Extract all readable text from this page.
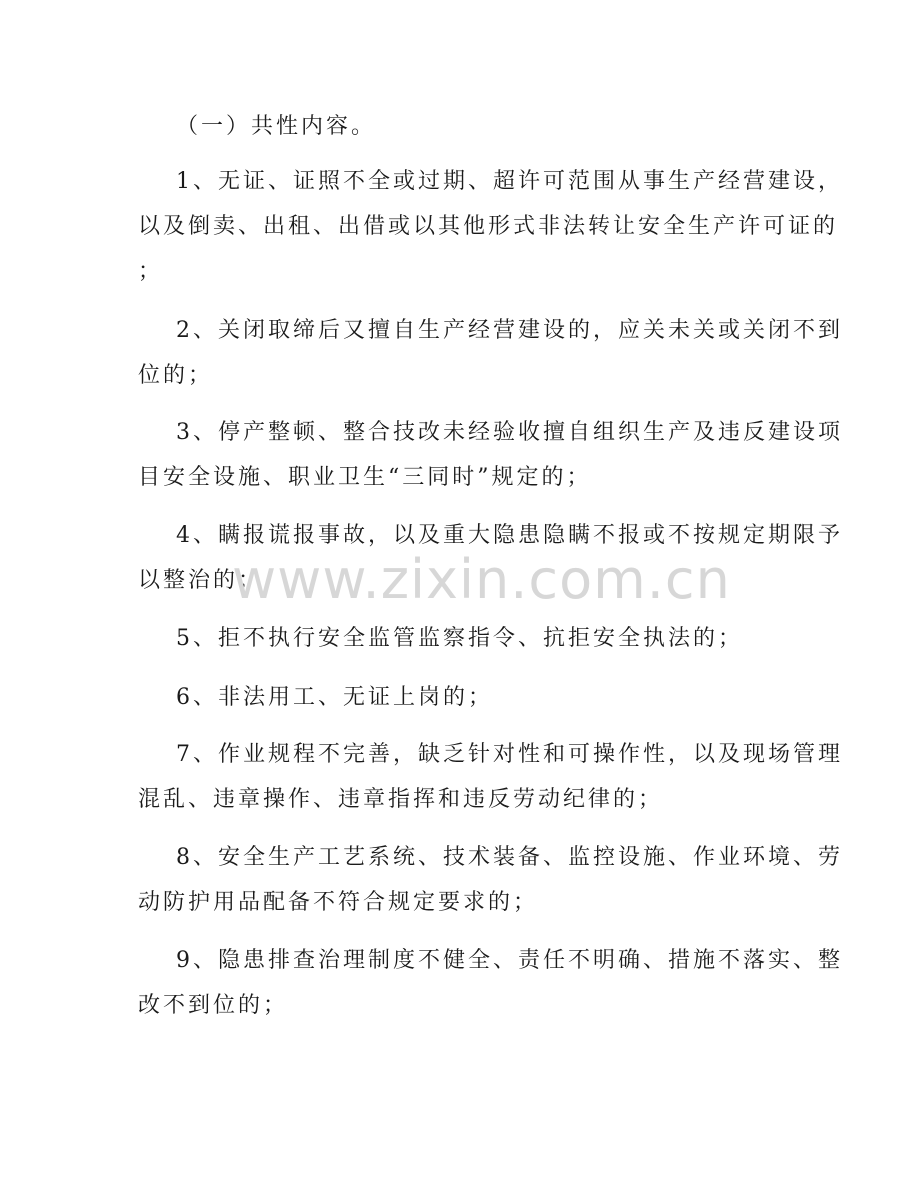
（一）共性内容。
1、无证、证照不全或过期、超许可范围从事生产经营建设，
以及倒卖、出租、出借或以其他形式非法转让安全生产许可证的
；
2、关闭取缔后又擅自生产经营建设的，应关未关或关闭不到
位的；
3、停产整顿、整合技改未经验收擅自组织生产及违反建设项
目安全设施、职业卫生“三同时”规定的；
4、瞒报谎报事故，以及重大隐患隐瞒不报或不按规定期限予
以整治的；
5、拒不执行安全监管监察指令、抗拒安全执法的；
6、非法用工、无证上岗的；
7、作业规程不完善，缺乏针对性和可操作性，以及现场管理
混乱、违章操作、违章指挥和违反劳动纪律的；
8、安全生产工艺系统、技术装备、监控设施、作业环境、劳
动防护用品配备不符合规定要求的；
9、隐患排查治理制度不健全、责任不明确、措施不落实、整
改不到位的；
www.zixin.com.cn
